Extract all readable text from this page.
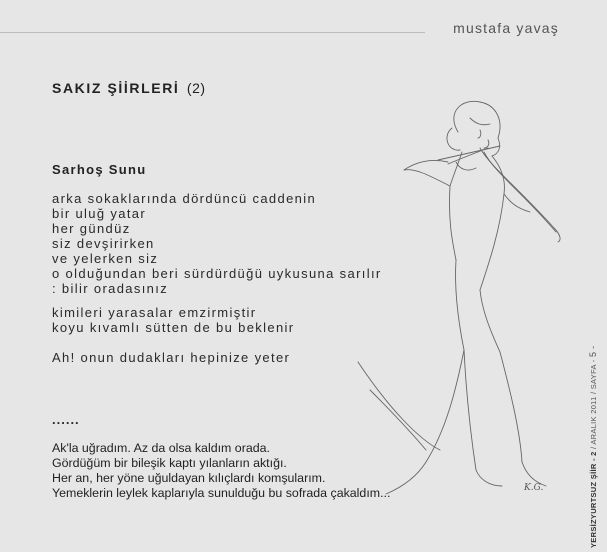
mustafa yavaş
SAKIZ ŞİİRLERİ (2)
Sarhoş Sunu
arka sokaklarında dördüncü caddenin
bir uluğ yatar
her gündüz
siz devşirirken
ve yelerken siz
o olduğundan beri sürdürdüğü uykusuna sarılır
: bilir oradasınız
kimileri yarasalar emzirmiştir
koyu kıvamlı sütten de bu beklenir
Ah! onun dudakları hepinize yeter
......
Ak'la uğradım. Az da olsa kaldım orada.
Gördüğüm bir bileşik kaptı yılanların aktığı.
Her an, her yöne uğuldayan kılıçlardı komşularım.
Yemeklerin leylek kaplarıyla sunulduğu bu sofrada çakaldım...	K.G.	YERSİZYURTSUZ ŞİİR - 2 / ARALIK 2011 / SAYFA - 5 -
